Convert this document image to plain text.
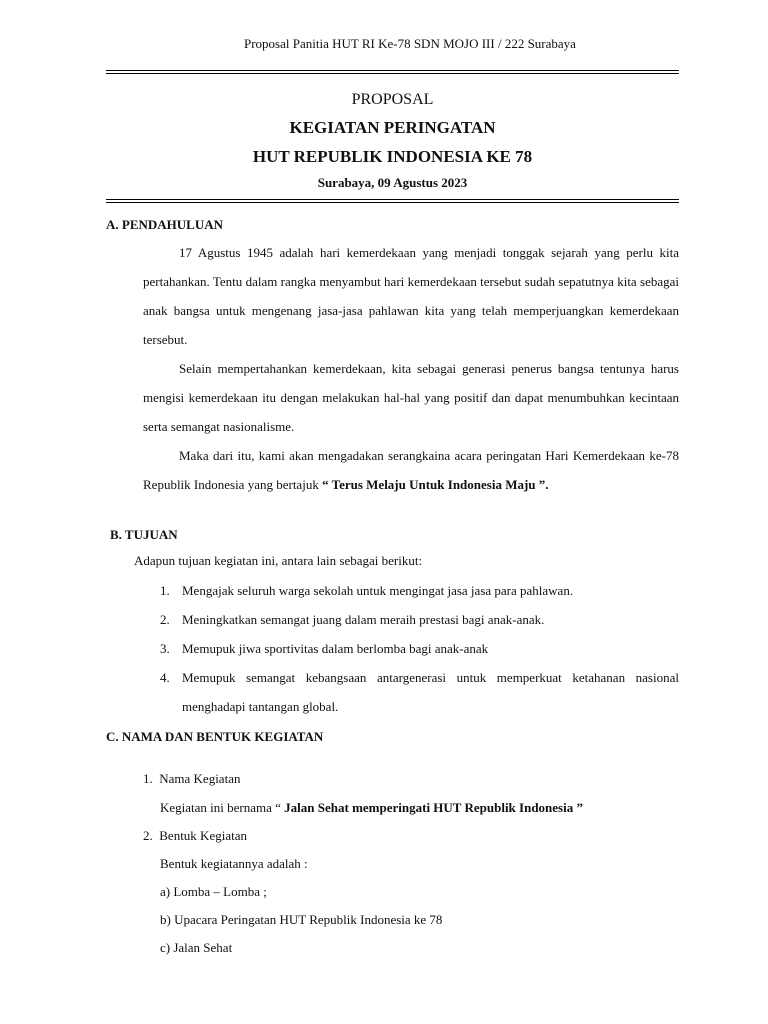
Proposal Panitia HUT RI Ke-78 SDN MOJO III / 222 Surabaya
PROPOSAL
KEGIATAN PERINGATAN
HUT REPUBLIK INDONESIA KE 78
Surabaya, 09 Agustus 2023
A. PENDAHULUAN

17 Agustus 1945 adalah hari kemerdekaan yang menjadi tonggak sejarah yang perlu kita pertahankan. Tentu dalam rangka menyambut hari kemerdekaan tersebut sudah sepatutnya kita sebagai anak bangsa untuk mengenang jasa-jasa pahlawan kita yang telah memperjuangkan kemerdekaan tersebut.

Selain mempertahankan kemerdekaan, kita sebagai generasi penerus bangsa tentunya harus mengisi kemerdekaan itu dengan melakukan hal-hal yang positif dan dapat menumbuhkan kecintaan serta semangat nasionalisme.

Maka dari itu, kami akan mengadakan serangkaina acara peringatan Hari Kemerdekaan ke-78 Republik Indonesia yang bertajuk “ Terus Melaju Untuk Indonesia Maju ”.

B. TUJUAN
Adapun tujuan kegiatan ini, antara lain sebagai berikut:
1. Mengajak seluruh warga sekolah untuk mengingat jasa jasa para pahlawan.
2. Meningkatkan semangat juang dalam meraih prestasi bagi anak-anak.
3. Memupuk jiwa sportivitas dalam berlomba bagi anak-anak
4. Memupuk semangat kebangsaan antargenerasi untuk memperkuat ketahanan nasional menghadapi tantangan global.
C. NAMA DAN BENTUK KEGIATAN
1. Nama Kegiatan
Kegiatan ini bernama “ Jalan Sehat memperingati HUT Republik Indonesia ”
2. Bentuk Kegiatan
Bentuk kegiatannya adalah :
a) Lomba – Lomba ;
b) Upacara Peringatan HUT Republik Indonesia ke 78
c) Jalan Sehat
